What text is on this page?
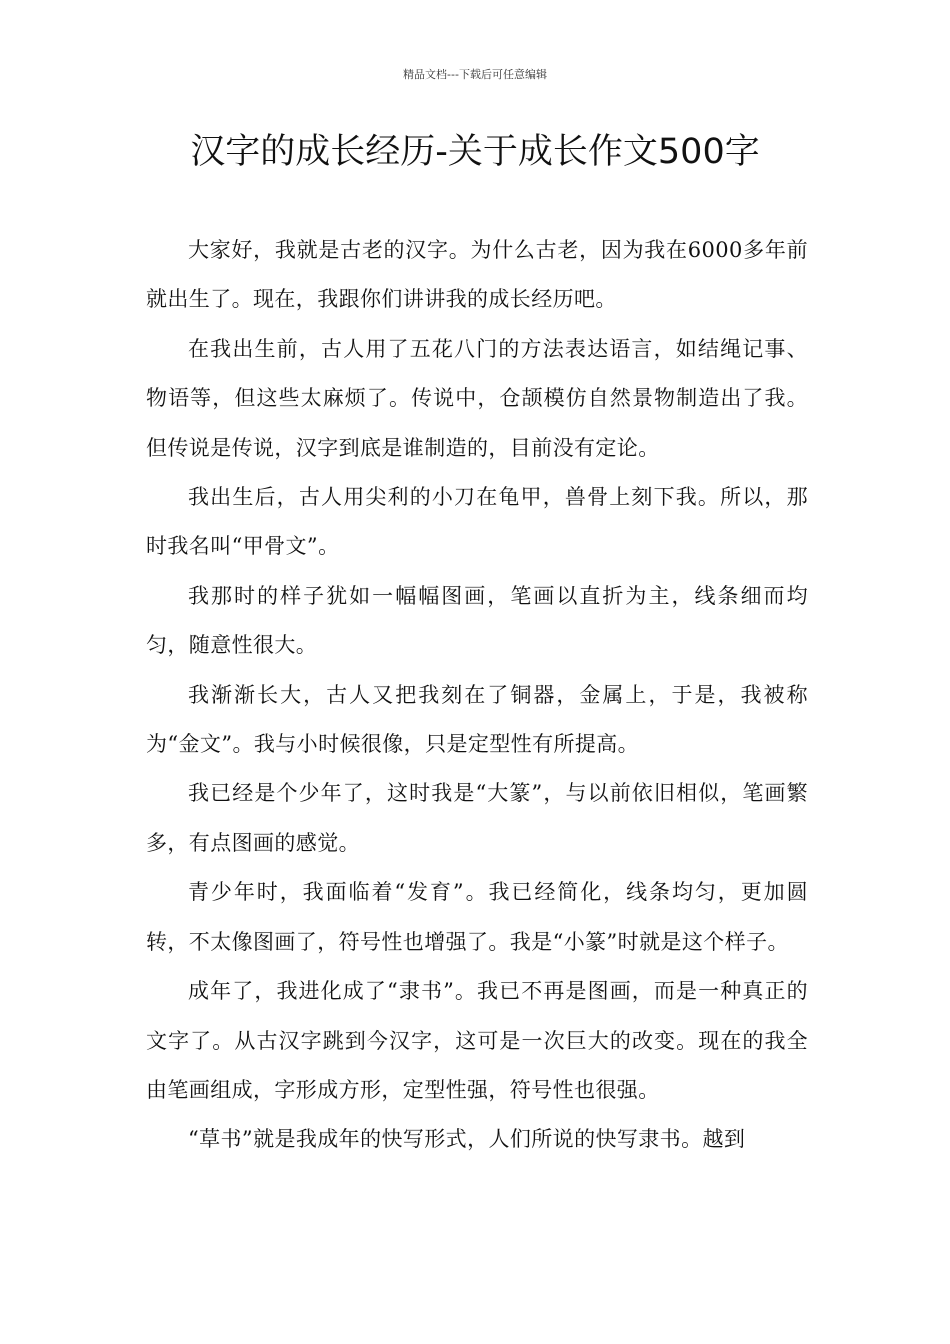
精品文档---下载后可任意编辑
汉字的成长经历-关于成长作文500字

大家好，我就是古老的汉字。为什么古老，因为我在6000多年前就出生了。现在，我跟你们讲讲我的成长经历吧。

在我出生前，古人用了五花八门的方法表达语言，如结绳记事、物语等，但这些太麻烦了。传说中，仓颉模仿自然景物制造出了我。但传说是传说，汉字到底是谁制造的，目前没有定论。

我出生后，古人用尖利的小刀在龟甲，兽骨上刻下我。所以，那时我名叫“甲骨文”。

我那时的样子犹如一幅幅图画，笔画以直折为主，线条细而均匀，随意性很大。

我渐渐长大，古人又把我刻在了铜器，金属上，于是，我被称为“金文”。我与小时候很像，只是定型性有所提高。

我已经是个少年了，这时我是“大篆”，与以前依旧相似，笔画繁多，有点图画的感觉。

青少年时，我面临着“发育”。我已经简化，线条均匀，更加圆转，不太像图画了，符号性也增强了。我是“小篆”时就是这个样子。

成年了，我进化成了“隶书”。我已不再是图画，而是一种真正的文字了。从古汉字跳到今汉字，这可是一次巨大的改变。现在的我全由笔画组成，字形成方形，定型性强，符号性也很强。

“草书”就是我成年的快写形式，人们所说的快写隶书。越到
